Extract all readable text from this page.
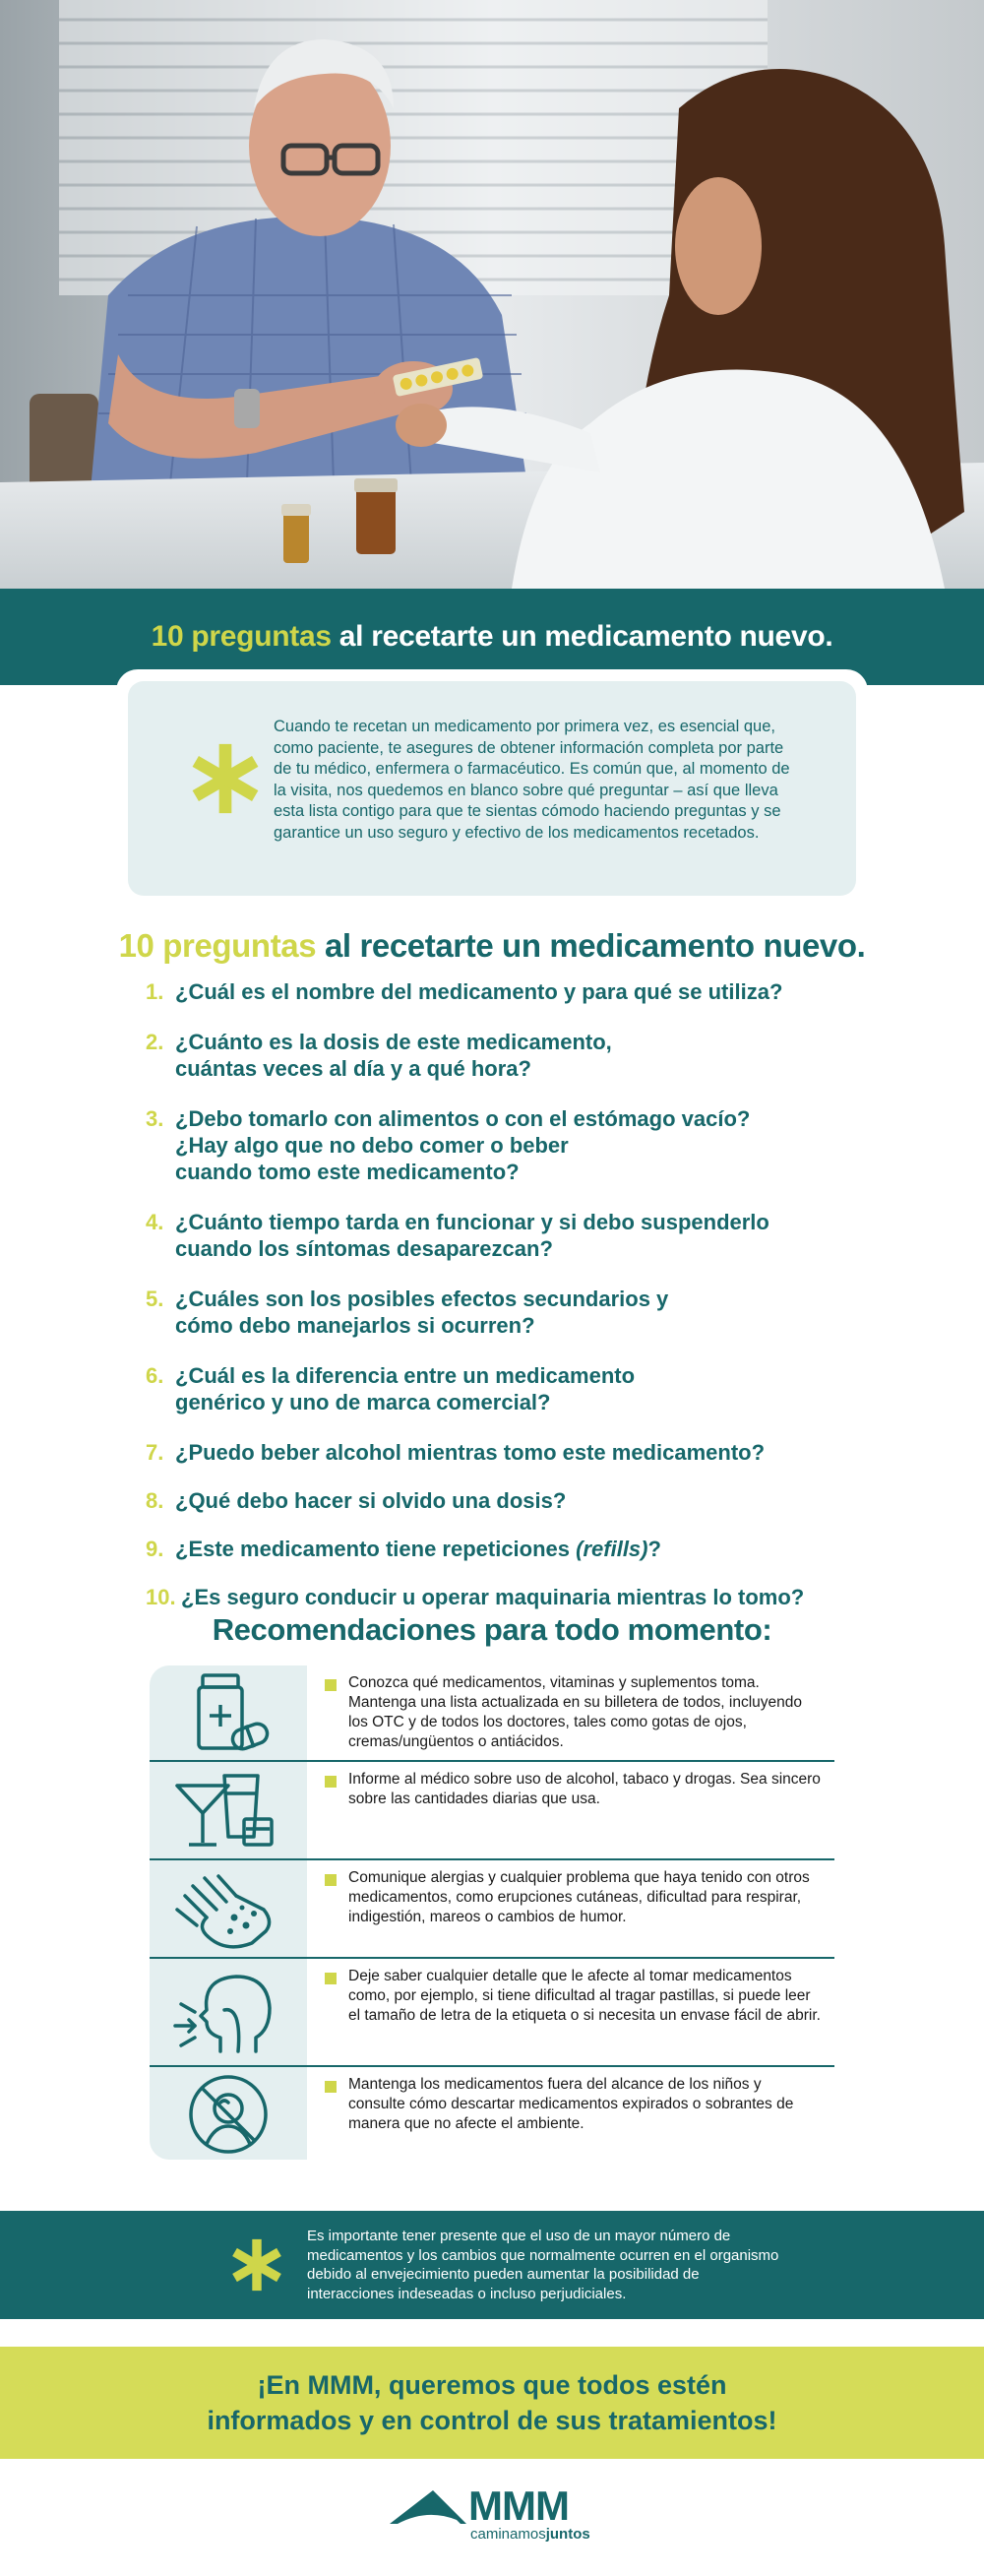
10 preguntas al recetarte un medicamento nuevo.

Cuando te recetan un medicamento por primera vez, es esencial que, como paciente, te asegures de obtener información completa por parte de tu médico, enfermera o farmacéutico. Es común que, al momento de la visita, nos quedemos en blanco sobre qué preguntar – así que lleva esta lista contigo para que te sientas cómodo haciendo preguntas y se garantice un uso seguro y efectivo de los medicamentos recetados.

10 preguntas al recetarte un medicamento nuevo.
1. ¿Cuál es el nombre del medicamento y para qué se utiliza?
2. ¿Cuánto es la dosis de este medicamento,
cuántas veces al día y a qué hora?
3. ¿Debo tomarlo con alimentos o con el estómago vacío?
¿Hay algo que no debo comer o beber
cuando tomo este medicamento?
4. ¿Cuánto tiempo tarda en funcionar y si debo suspenderlo
cuando los síntomas desaparezcan?
5. ¿Cuáles son los posibles efectos secundarios y
cómo debo manejarlos si ocurren?
6. ¿Cuál es la diferencia entre un medicamento
genérico y uno de marca comercial?
7. ¿Puedo beber alcohol mientras tomo este medicamento?
8. ¿Qué debo hacer si olvido una dosis?
9. ¿Este medicamento tiene repeticiones (refills)?
10. ¿Es seguro conducir u operar maquinaria mientras lo tomo?
Recomendaciones para todo momento:

Conozca qué medicamentos, vitaminas y suplementos toma. Mantenga una lista actualizada en su billetera de todos, incluyendo los OTC y de todos los doctores, tales como gotas de ojos, cremas/ungüentos o antiácidos.

Informe al médico sobre uso de alcohol, tabaco y drogas. Sea sincero sobre las cantidades diarias que usa.

Comunique alergias y cualquier problema que haya tenido con otros medicamentos, como erupciones cutáneas, dificultad para respirar, indigestión, mareos o cambios de humor.

Deje saber cualquier detalle que le afecte al tomar medicamentos como, por ejemplo, si tiene dificultad al tragar pastillas, si puede leer el tamaño de letra de la etiqueta o si necesita un envase fácil de abrir.

Mantenga los medicamentos fuera del alcance de los niños y consulte cómo descartar medicamentos expirados o sobrantes de manera que no afecte el ambiente.

Es importante tener presente que el uso de un mayor número de medicamentos y los cambios que normalmente ocurren en el organismo debido al envejecimiento pueden aumentar la posibilidad de interacciones indeseadas o incluso perjudiciales.

¡En MMM, queremos que todos estén
informados y en control de sus tratamientos!

MMM
caminamosjuntos
